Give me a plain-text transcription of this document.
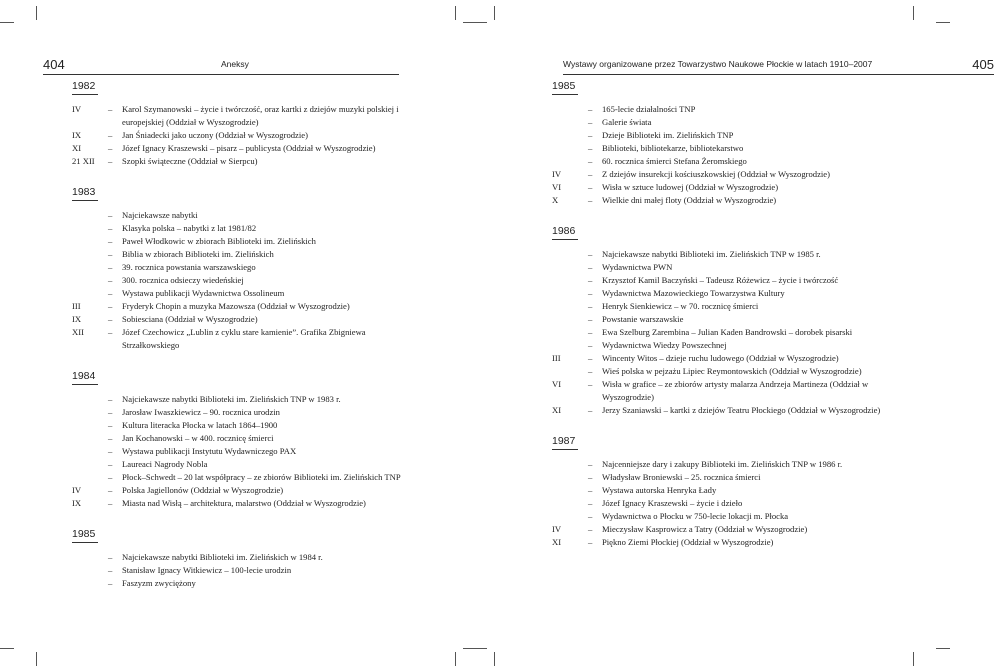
404	Aneksy
1982
IV	–	Karol Szymanowski – życie i twórczość, oraz kartki z dziejów muzyki polskiej i europejskiej (Oddział w Wyszogrodzie)
IX	–	Jan Śniadecki jako uczony (Oddział w Wyszogrodzie)
XI	–	Józef Ignacy Kraszewski – pisarz – publicysta (Oddział w Wyszogrodzie)
21 XII	–	Szopki świąteczne (Oddział w Sierpcu)
1983
–	Najciekawsze nabytki
–	Klasyka polska – nabytki z lat 1981/82
–	Paweł Włodkowic w zbiorach Biblioteki im. Zielińskich
–	Biblia w zbiorach Biblioteki im. Zielińskich
–	39. rocznica powstania warszawskiego
–	300. rocznica odsieczy wiedeńskiej
–	Wystawa publikacji Wydawnictwa Ossolineum
III	–	Fryderyk Chopin a muzyka Mazowsza (Oddział w Wyszogrodzie)
IX	–	Sobiesciana (Oddział w Wyszogrodzie)
XII	–	Józef Czechowicz „Lublin z cyklu stare kamienie”. Grafika Zbigniewa Strzałkowskiego
1984
–	Najciekawsze nabytki Biblioteki im. Zielińskich TNP w 1983 r.
–	Jarosław Iwaszkiewicz – 90. rocznica urodzin
–	Kultura literacka Płocka w latach 1864–1900
–	Jan Kochanowski – w 400. rocznicę śmierci
–	Wystawa publikacji Instytutu Wydawniczego PAX
–	Laureaci Nagrody Nobla
–	Płock–Schwedt – 20 lat współpracy – ze zbiorów Biblioteki im. Zielińskich TNP
IV	–	Polska Jagiellonów (Oddział w Wyszogrodzie)
IX	–	Miasta nad Wisłą – architektura, malarstwo (Oddział w Wyszogrodzie)
1985
–	Najciekawsze nabytki Biblioteki im. Zielińskich w 1984 r.
–	Stanisław Ignacy Witkiewicz – 100-lecie urodzin
–	Faszyzm zwyciężony
Wystawy organizowane przez Towarzystwo Naukowe Płockie w latach 1910–2007	405
1985
–	165-lecie działalności TNP
–	Galerie świata
–	Dzieje Biblioteki im. Zielińskich TNP
–	Biblioteki, bibliotekarze, bibliotekarstwo
–	60. rocznica śmierci Stefana Żeromskiego
IV	–	Z dziejów insurekcji kościuszkowskiej (Oddział w Wyszogrodzie)
VI	–	Wisła w sztuce ludowej (Oddział w Wyszogrodzie)
X	–	Wielkie dni małej floty (Oddział w Wyszogrodzie)
1986
–	Najciekawsze nabytki Biblioteki im. Zielińskich TNP w 1985 r.
–	Wydawnictwa PWN
–	Krzysztof Kamil Baczyński – Tadeusz Różewicz – życie i twórczość
–	Wydawnictwa Mazowieckiego Towarzystwa Kultury
–	Henryk Sienkiewicz – w 70. rocznicę śmierci
–	Powstanie warszawskie
–	Ewa Szelburg Zarembina – Julian Kaden Bandrowski – dorobek pisarski
–	Wydawnictwa Wiedzy Powszechnej
III	–	Wincenty Witos – dzieje ruchu ludowego (Oddział w Wyszogrodzie)
–	Wieś polska w pejzażu Lipiec Reymontowskich (Oddział w Wyszogrodzie)
VI	–	Wisła w grafice – ze zbiorów artysty malarza Andrzeja Martineza (Oddział w Wyszogrodzie)
XI	–	Jerzy Szaniawski – kartki z dziejów Teatru Płockiego (Oddział w Wyszogrodzie)
1987
–	Najcenniejsze dary i zakupy Biblioteki im. Zielińskich TNP w 1986 r.
–	Władysław Broniewski – 25. rocznica śmierci
–	Wystawa autorska Henryka Łady
–	Józef Ignacy Kraszewski – życie i dzieło
–	Wydawnictwa o Płocku w 750-lecie lokacji m. Płocka
IV	–	Mieczysław Kasprowicz a Tatry (Oddział w Wyszogrodzie)
XI	–	Piękno Ziemi Płockiej (Oddział w Wyszogrodzie)
